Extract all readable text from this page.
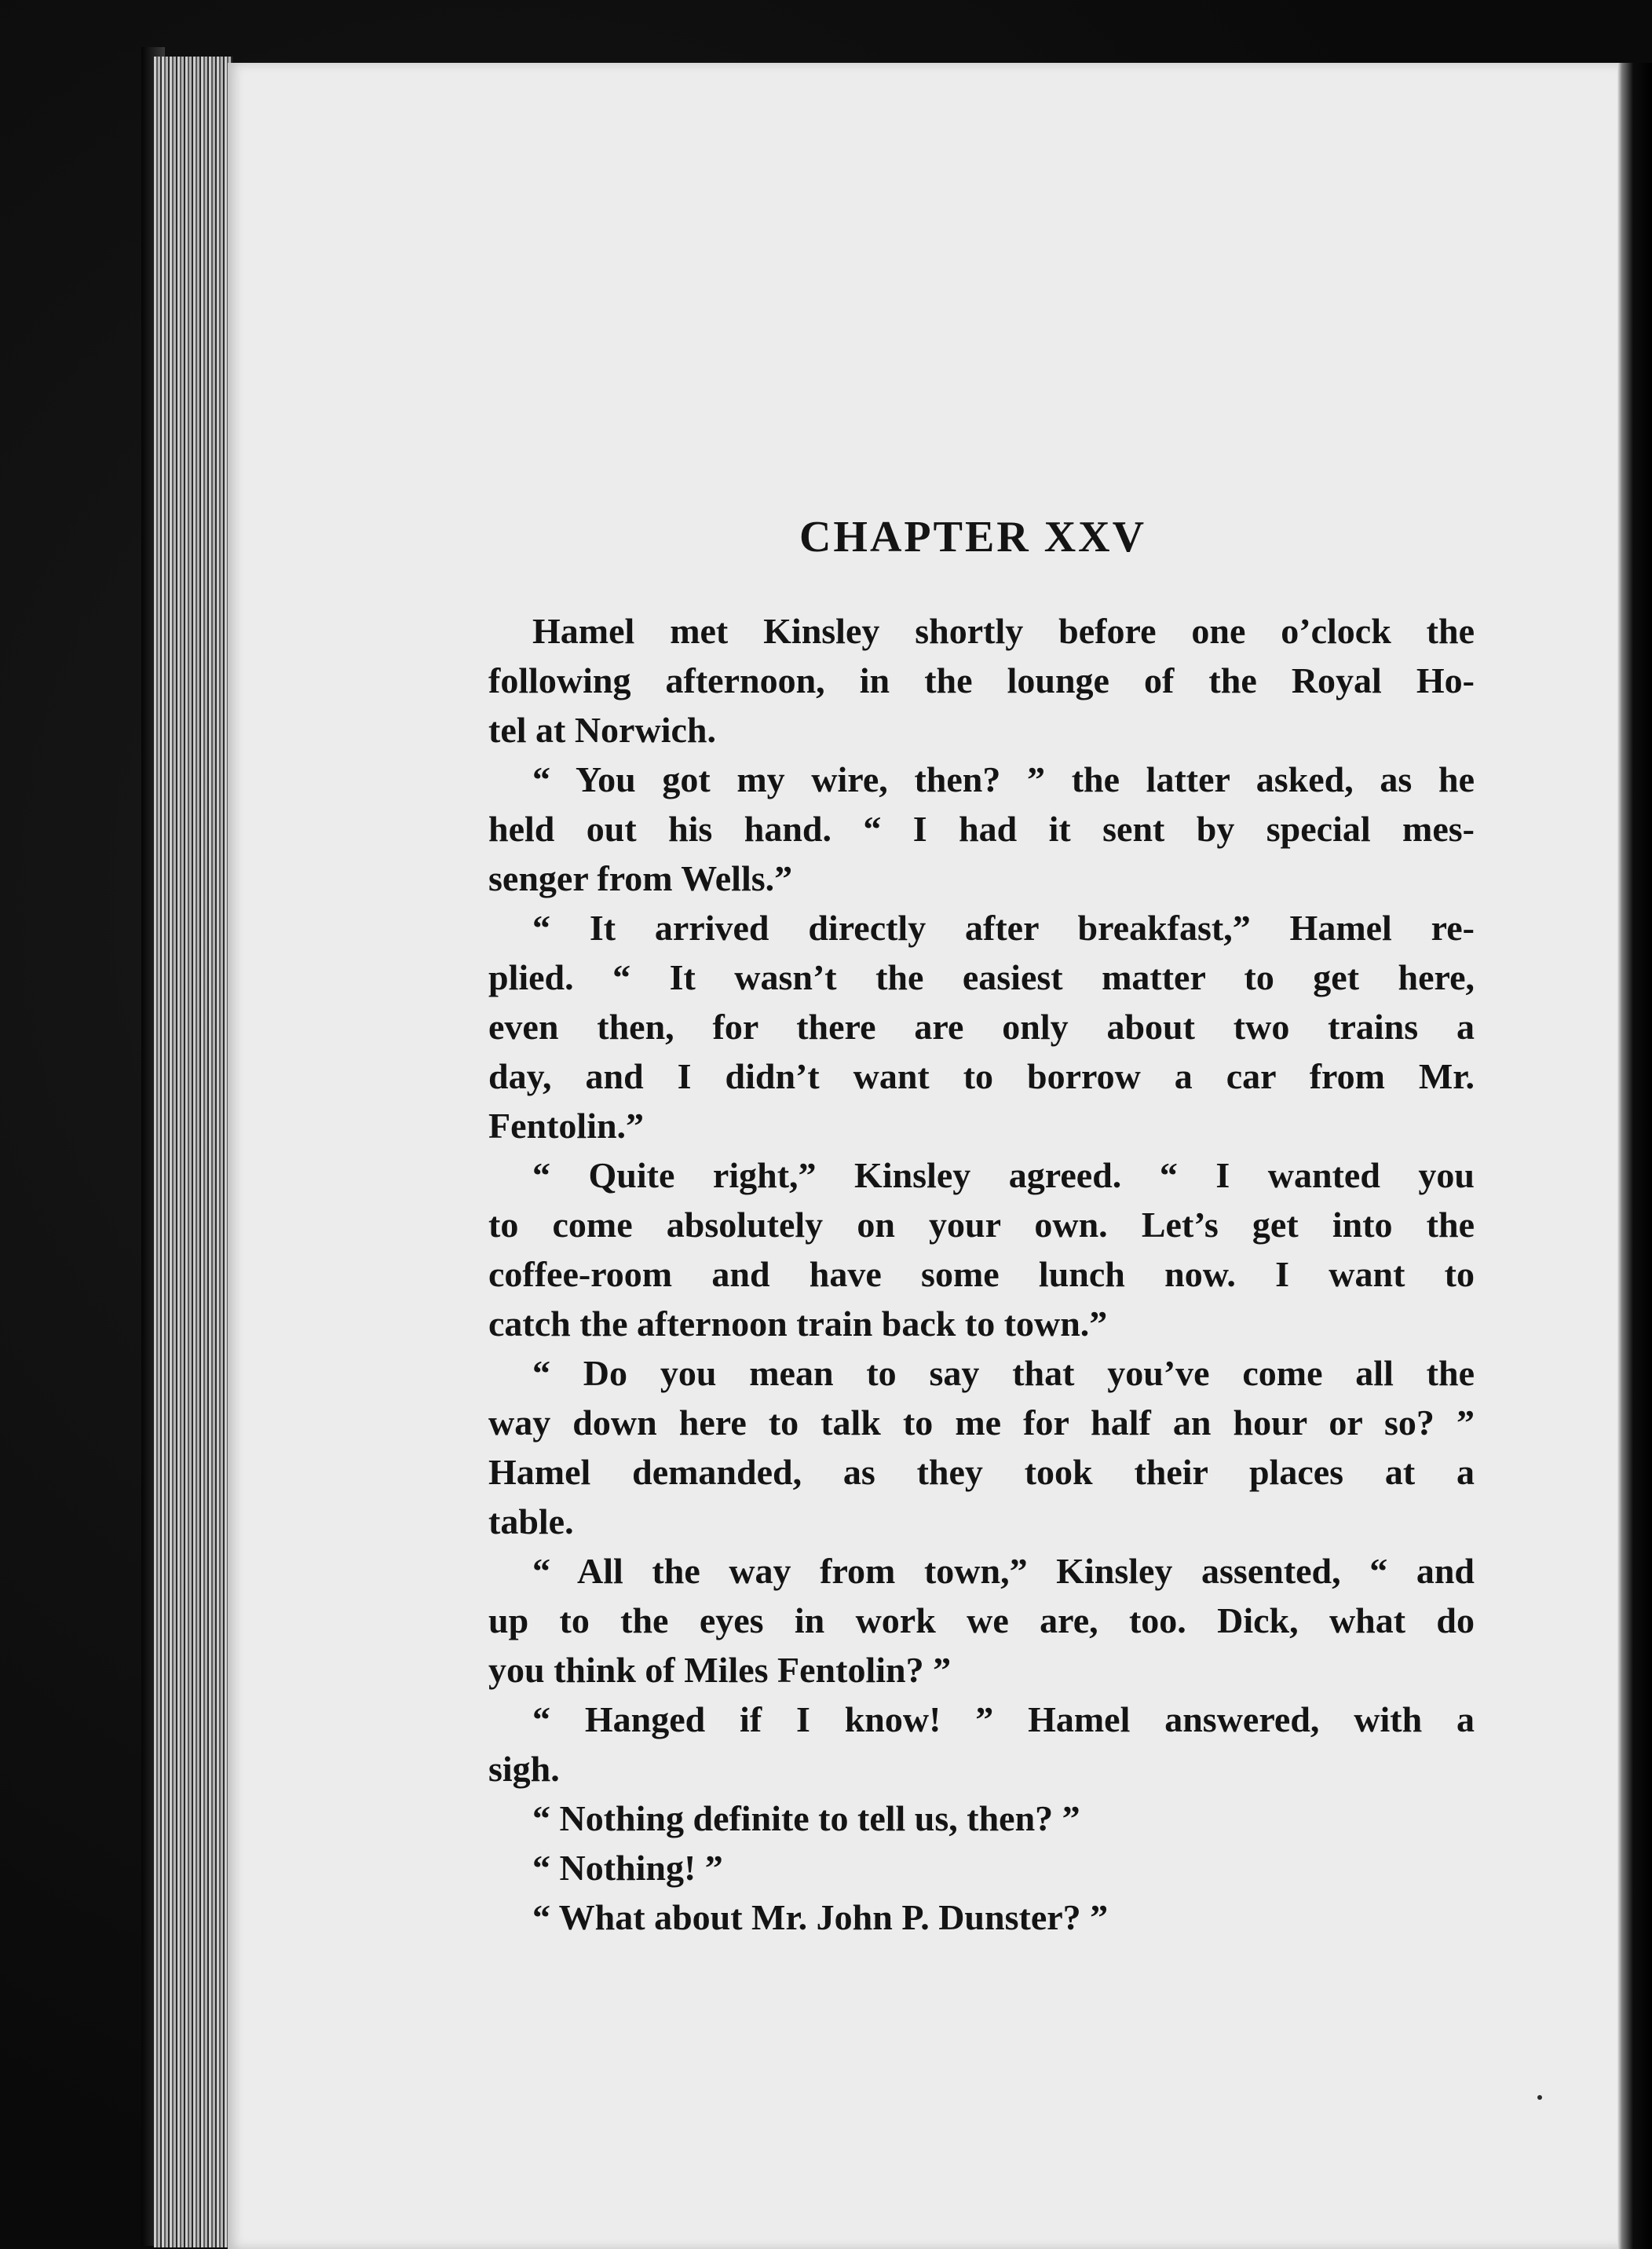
CHAPTER XXV
Hamel met Kinsley shortly before one o’clock the
following afternoon, in the lounge of the Royal Ho-
tel at Norwich.
“ You got my wire, then? ” the latter asked, as he
held out his hand. “ I had it sent by special mes-
senger from Wells.”
“ It arrived directly after breakfast,” Hamel re-
plied. “ It wasn’t the easiest matter to get here,
even then, for there are only about two trains a
day, and I didn’t want to borrow a car from Mr.
Fentolin.”
“ Quite right,” Kinsley agreed. “ I wanted you
to come absolutely on your own. Let’s get into the
coffee-room and have some lunch now. I want to
catch the afternoon train back to town.”
“ Do you mean to say that you’ve come all the
way down here to talk to me for half an hour or so? ”
Hamel demanded, as they took their places at a
table.
“ All the way from town,” Kinsley assented, “ and
up to the eyes in work we are, too. Dick, what do
you think of Miles Fentolin? ”
“ Hanged if I know! ” Hamel answered, with a
sigh.
“ Nothing definite to tell us, then? ”
“ Nothing! ”
“ What about Mr. John P. Dunster? ”
